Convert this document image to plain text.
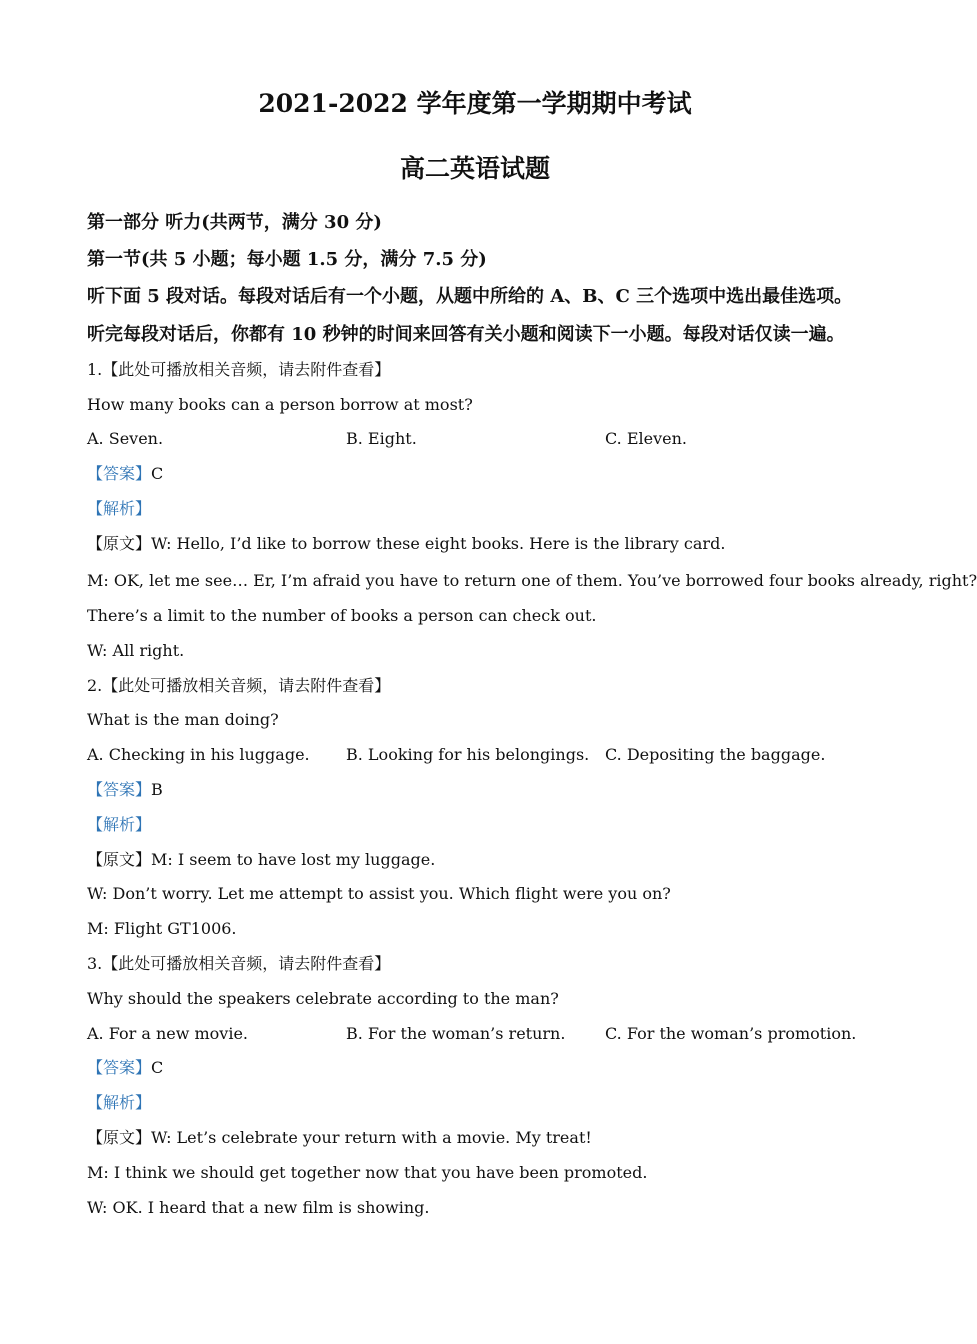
2021-2022 学年度第一学期期中考试
高二英语试题
第一部分 听力(共两节，满分 30 分)
第一节(共 5 小题；每小题 1.5 分，满分 7.5 分)
听下面 5 段对话。每段对话后有一个小题，从题中所给的 A、B、C 三个选项中选出最佳选项。
听完每段对话后，你都有 10 秒钟的时间来回答有关小题和阅读下一小题。每段对话仅读一遍。
1.【此处可播放相关音频，请去附件查看】
How many books can a person borrow at most?
A. Seven.	B. Eight.	C. Eleven.
【答案】C
【解析】
【原文】W: Hello, I’d like to borrow these eight books. Here is the library card.
M: OK, let me see… Er, I’m afraid you have to return one of them. You’ve borrowed four books already, right?
There’s a limit to the number of books a person can check out.
W: All right.
2.【此处可播放相关音频，请去附件查看】
What is the man doing?
A. Checking in his luggage.	B. Looking for his belongings. C. Depositing the baggage.
【答案】B
【解析】
【原文】M: I seem to have lost my luggage.
W: Don’t worry. Let me attempt to assist you. Which flight were you on?
M: Flight GT1006.
3.【此处可播放相关音频，请去附件查看】
Why should the speakers celebrate according to the man?
A. For a new movie.	B. For the woman’s return.	C. For the woman’s promotion.
【答案】C
【解析】
【原文】W: Let’s celebrate your return with a movie. My treat!
M: I think we should get together now that you have been promoted.
W: OK. I heard that a new film is showing.
